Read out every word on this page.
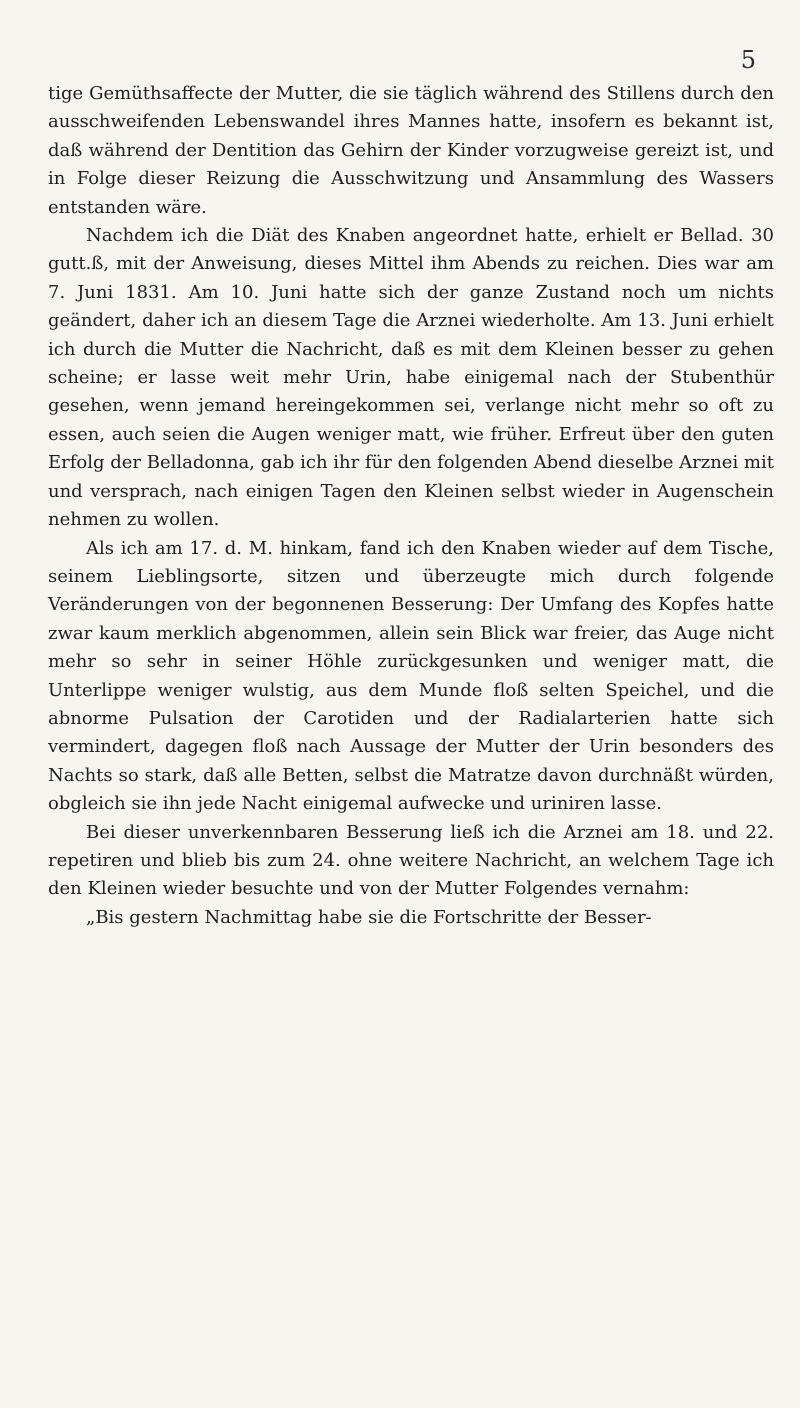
5

tige Gemüthsaffecte der Mutter, die sie täglich während des Stillens durch den ausschweifenden Lebenswandel ihres Mannes hatte, insofern es bekannt ist, daß während der Dentition das Gehirn der Kinder vorzugweise gereizt ist, und in Folge dieser Reizung die Ausschwitzung und Ansammlung des Wassers entstanden wäre.

Nachdem ich die Diät des Knaben angeordnet hatte, erhielt er Bellad. 30 gutt.ß, mit der Anweisung, dieses Mittel ihm Abends zu reichen. Dies war am 7. Juni 1831. Am 10. Juni hatte sich der ganze Zustand noch um nichts geändert, daher ich an diesem Tage die Arznei wiederholte. Am 13. Juni erhielt ich durch die Mutter die Nachricht, daß es mit dem Kleinen besser zu gehen scheine; er lasse weit mehr Urin, habe einigemal nach der Stubenthür gesehen, wenn jemand hereingekommen sei, verlange nicht mehr so oft zu essen, auch seien die Augen weniger matt, wie früher. Erfreut über den guten Erfolg der Belladonna, gab ich ihr für den folgenden Abend dieselbe Arznei mit und versprach, nach einigen Tagen den Kleinen selbst wieder in Augenschein nehmen zu wollen.

Als ich am 17. d. M. hinkam, fand ich den Knaben wieder auf dem Tische, seinem Lieblingsorte, sitzen und überzeugte mich durch folgende Veränderungen von der begonnenen Besserung: Der Umfang des Kopfes hatte zwar kaum merklich abgenommen, allein sein Blick war freier, das Auge nicht mehr so sehr in seiner Höhle zurückgesunken und weniger matt, die Unterlippe weniger wulstig, aus dem Munde floß selten Speichel, und die abnorme Pulsation der Carotiden und der Radialarterien hatte sich vermindert, dagegen floß nach Aussage der Mutter der Urin besonders des Nachts so stark, daß alle Betten, selbst die Matratze davon durchnäßt würden, obgleich sie ihn jede Nacht einigemal aufwecke und uriniren lasse.

Bei dieser unverkennbaren Besserung ließ ich die Arznei am 18. und 22. repetiren und blieb bis zum 24. ohne weitere Nachricht, an welchem Tage ich den Kleinen wieder besuchte und von der Mutter Folgendes vernahm:

„Bis gestern Nachmittag habe sie die Fortschritte der Besser-
